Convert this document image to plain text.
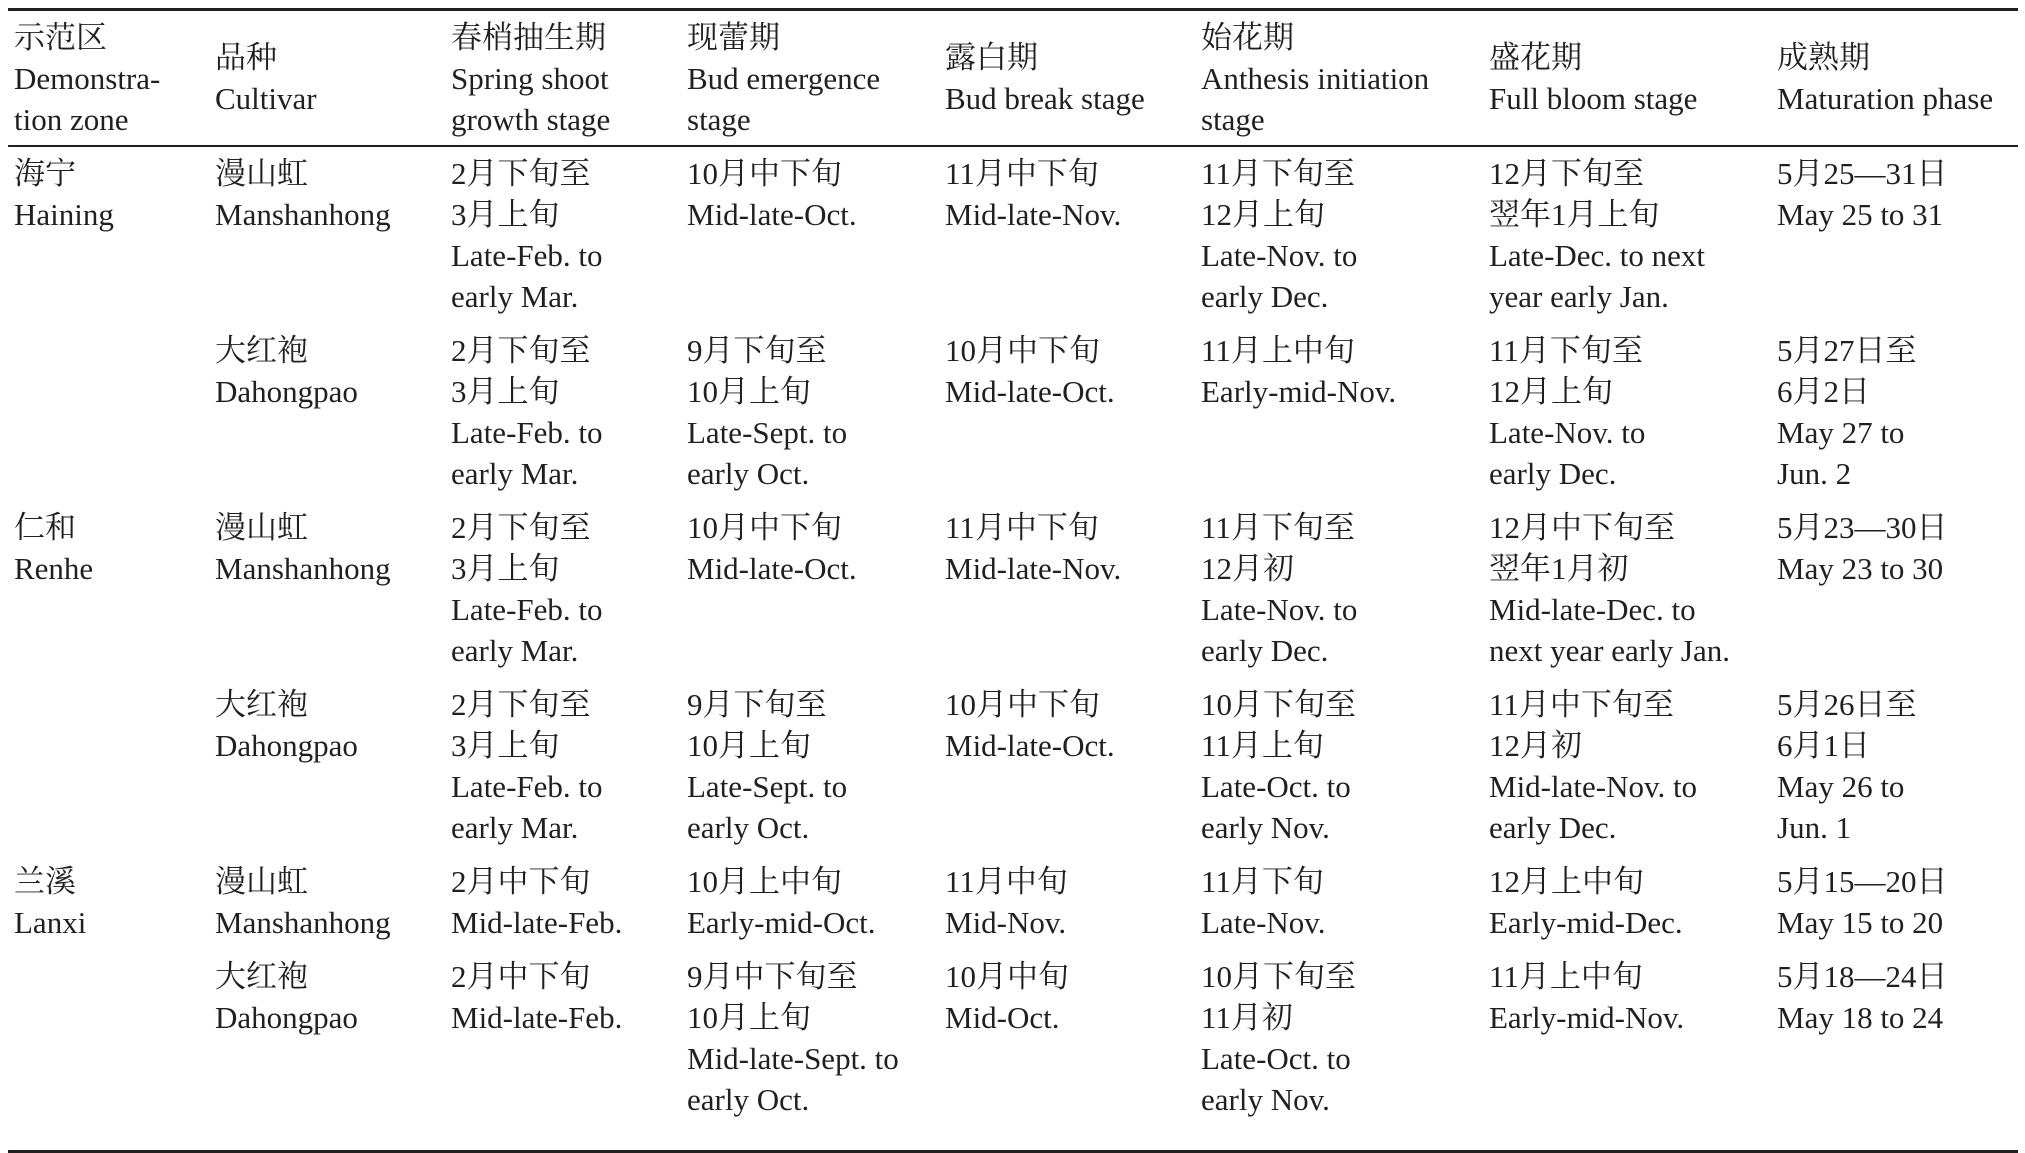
示范区
Demonstra-
tion zone
品种
Cultivar
春梢抽生期
Spring shoot
growth stage
现蕾期
Bud emergence
stage
露白期
Bud break stage
始花期
Anthesis initiation
stage
盛花期
Full bloom stage
成熟期
Maturation phase
海宁
Haining
漫山虹
Manshanhong
2月下旬至
3月上旬
Late-Feb. to
early Mar.
10月中下旬
Mid-late-Oct.
11月中下旬
Mid-late-Nov.
11月下旬至
12月上旬
Late-Nov. to
early Dec.
12月下旬至
翌年1月上旬
Late-Dec. to next
year early Jan.
5月25—31日
May 25 to 31
大红袍
Dahongpao
2月下旬至
3月上旬
Late-Feb. to
early Mar.
9月下旬至
10月上旬
Late-Sept. to
early Oct.
10月中下旬
Mid-late-Oct.
11月上中旬
Early-mid-Nov.
11月下旬至
12月上旬
Late-Nov. to
early Dec.
5月27日至
6月2日
May 27 to
Jun. 2
仁和
Renhe
漫山虹
Manshanhong
2月下旬至
3月上旬
Late-Feb. to
early Mar.
10月中下旬
Mid-late-Oct.
11月中下旬
Mid-late-Nov.
11月下旬至
12月初
Late-Nov. to
early Dec.
12月中下旬至
翌年1月初
Mid-late-Dec. to
next year early Jan.
5月23—30日
May 23 to 30
大红袍
Dahongpao
2月下旬至
3月上旬
Late-Feb. to
early Mar.
9月下旬至
10月上旬
Late-Sept. to
early Oct.
10月中下旬
Mid-late-Oct.
10月下旬至
11月上旬
Late-Oct. to
early Nov.
11月中下旬至
12月初
Mid-late-Nov. to
early Dec.
5月26日至
6月1日
May 26 to
Jun. 1
兰溪
Lanxi
漫山虹
Manshanhong
2月中下旬
Mid-late-Feb.
10月上中旬
Early-mid-Oct.
11月中旬
Mid-Nov.
11月下旬
Late-Nov.
12月上中旬
Early-mid-Dec.
5月15—20日
May 15 to 20
大红袍
Dahongpao
2月中下旬
Mid-late-Feb.
9月中下旬至
10月上旬
Mid-late-Sept. to
early Oct.
10月中旬
Mid-Oct.
10月下旬至
11月初
Late-Oct. to
early Nov.
11月上中旬
Early-mid-Nov.
5月18—24日
May 18 to 24
